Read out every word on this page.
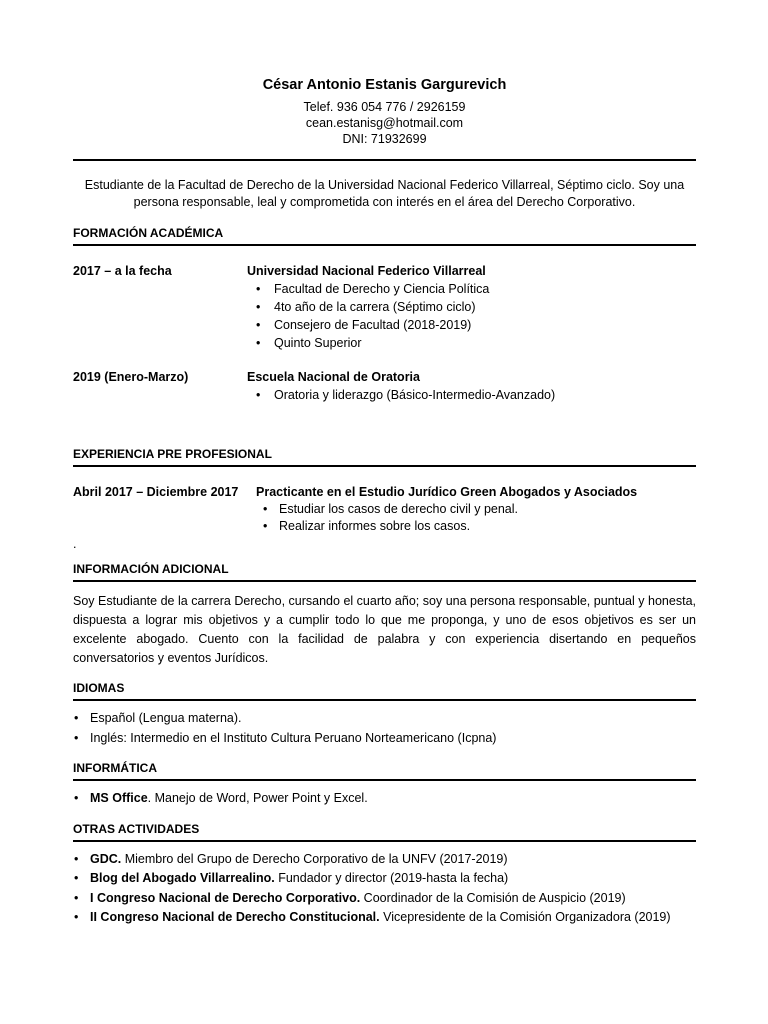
César Antonio Estanis Gargurevich
Telef. 936 054 776 / 2926159
cean.estanisg@hotmail.com
DNI: 71932699
Estudiante de la Facultad de Derecho de la Universidad Nacional Federico Villarreal, Séptimo ciclo. Soy una persona responsable, leal y comprometida con interés en el área del Derecho Corporativo.
FORMACIÓN ACADÉMICA
2017 – a la fecha	Universidad Nacional Federico Villarreal
• Facultad de Derecho y Ciencia Política
• 4to año de la carrera (Séptimo ciclo)
• Consejero de Facultad (2018-2019)
• Quinto Superior
2019 (Enero-Marzo)	Escuela Nacional de Oratoria
• Oratoria y liderazgo (Básico-Intermedio-Avanzado)
EXPERIENCIA PRE PROFESIONAL
Abril 2017 – Diciembre 2017	Practicante en el Estudio Jurídico Green Abogados y Asociados
• Estudiar los casos de derecho civil y penal.
• Realizar informes sobre los casos.
.
INFORMACIÓN ADICIONAL
Soy Estudiante de la carrera Derecho, cursando el cuarto año; soy una persona responsable, puntual y honesta, dispuesta a lograr mis objetivos y a cumplir todo lo que me proponga, y uno de esos objetivos es ser un excelente abogado. Cuento con la facilidad de palabra y con experiencia disertando en pequeños conversatorios y eventos Jurídicos.
IDIOMAS
• Español (Lengua materna).
• Inglés: Intermedio en el Instituto Cultura Peruano Norteamericano (Icpna)
INFORMÁTICA
• MS Office. Manejo de Word, Power Point y Excel.
OTRAS ACTIVIDADES
• GDC. Miembro del Grupo de Derecho Corporativo de la UNFV (2017-2019)
• Blog del Abogado Villarrealino. Fundador y director (2019-hasta la fecha)
• I Congreso Nacional de Derecho Corporativo. Coordinador de la Comisión de Auspicio (2019)
• II Congreso Nacional de Derecho Constitucional. Vicepresidente de la Comisión Organizadora (2019)
